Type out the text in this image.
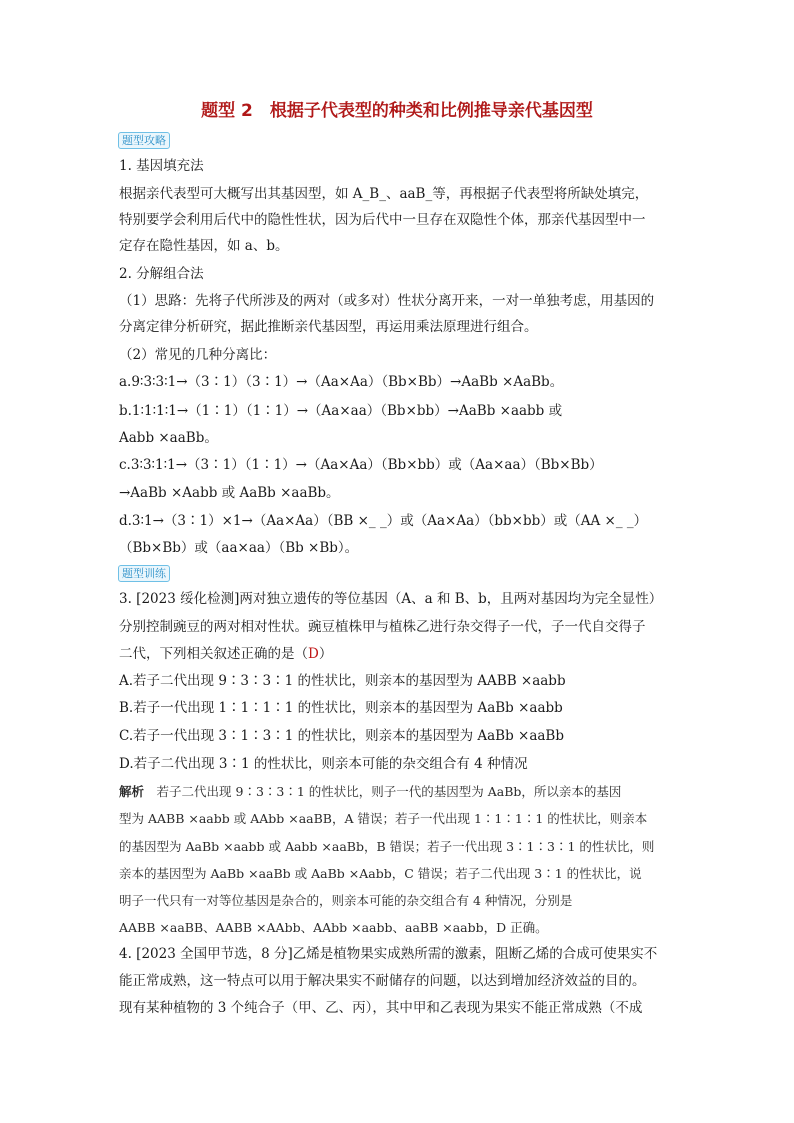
题型 2　根据子代表型的种类和比例推导亲代基因型
题型攻略
1. 基因填充法
根据亲代表型可大概写出其基因型，如 A_B_、aaB_等，再根据子代表型将所缺处填完，
特别要学会利用后代中的隐性性状，因为后代中一旦存在双隐性个体，那亲代基因型中一
定存在隐性基因，如 a、b。
2. 分解组合法
（1）思路：先将子代所涉及的两对（或多对）性状分离开来，一对一单独考虑，用基因的
分离定律分析研究，据此推断亲代基因型，再运用乘法原理进行组合。
（2）常见的几种分离比：
a.9∶3∶3∶1→（3∶1）（3∶1）→（Aa×Aa）（Bb×Bb）→AaBb ×AaBb。
b.1∶1∶1∶1→（1∶1）（1∶1）→（Aa×aa）（Bb×bb）→AaBb ×aabb 或
Aabb ×aaBb。
c.3∶3∶1∶1→（3∶1）（1∶1）→（Aa×Aa）（Bb×bb）或（Aa×aa）（Bb×Bb）
→AaBb ×Aabb 或 AaBb ×aaBb。
d.3∶1→（3∶1）×1→（Aa×Aa）（BB ×_ _）或（Aa×Aa）（bb×bb）或（AA ×_ _）
（Bb×Bb）或（aa×aa）（Bb ×Bb）。
题型训练
3. [2023 绥化检测]两对独立遗传的等位基因（A、a 和 B、b，且两对基因均为完全显性）
分别控制豌豆的两对相对性状。豌豆植株甲与植株乙进行杂交得子一代，子一代自交得子
二代，下列相关叙述正确的是（D）
A.若子二代出现 9∶3∶3∶1 的性状比，则亲本的基因型为 AABB ×aabb
B.若子一代出现 1∶1∶1∶1 的性状比，则亲本的基因型为 AaBb ×aabb
C.若子一代出现 3∶1∶3∶1 的性状比，则亲本的基因型为 AaBb ×aaBb
D.若子二代出现 3∶1 的性状比，则亲本可能的杂交组合有 4 种情况
解析　 若子二代出现 9∶3∶3∶1 的性状比，则子一代的基因型为 AaBb，所以亲本的基因
型为 AABB ×aabb 或 AAbb ×aaBB，A 错误；若子一代出现 1∶1∶1∶1 的性状比，则亲本
的基因型为 AaBb ×aabb 或 Aabb ×aaBb，B 错误；若子一代出现 3∶1∶3∶1 的性状比，则
亲本的基因型为 AaBb ×aaBb 或 AaBb ×Aabb，C 错误；若子二代出现 3∶1 的性状比，说
明子一代只有一对等位基因是杂合的，则亲本可能的杂交组合有 4 种情况，分别是
AABB ×aaBB、AABB ×AAbb、AAbb ×aabb、aaBB ×aabb，D 正确。
4. [2023 全国甲节选，8 分]乙烯是植物果实成熟所需的激素，阻断乙烯的合成可使果实不
能正常成熟，这一特点可以用于解决果实不耐储存的问题，以达到增加经济效益的目的。
现有某种植物的 3 个纯合子（甲、乙、丙），其中甲和乙表现为果实不能正常成熟（不成
